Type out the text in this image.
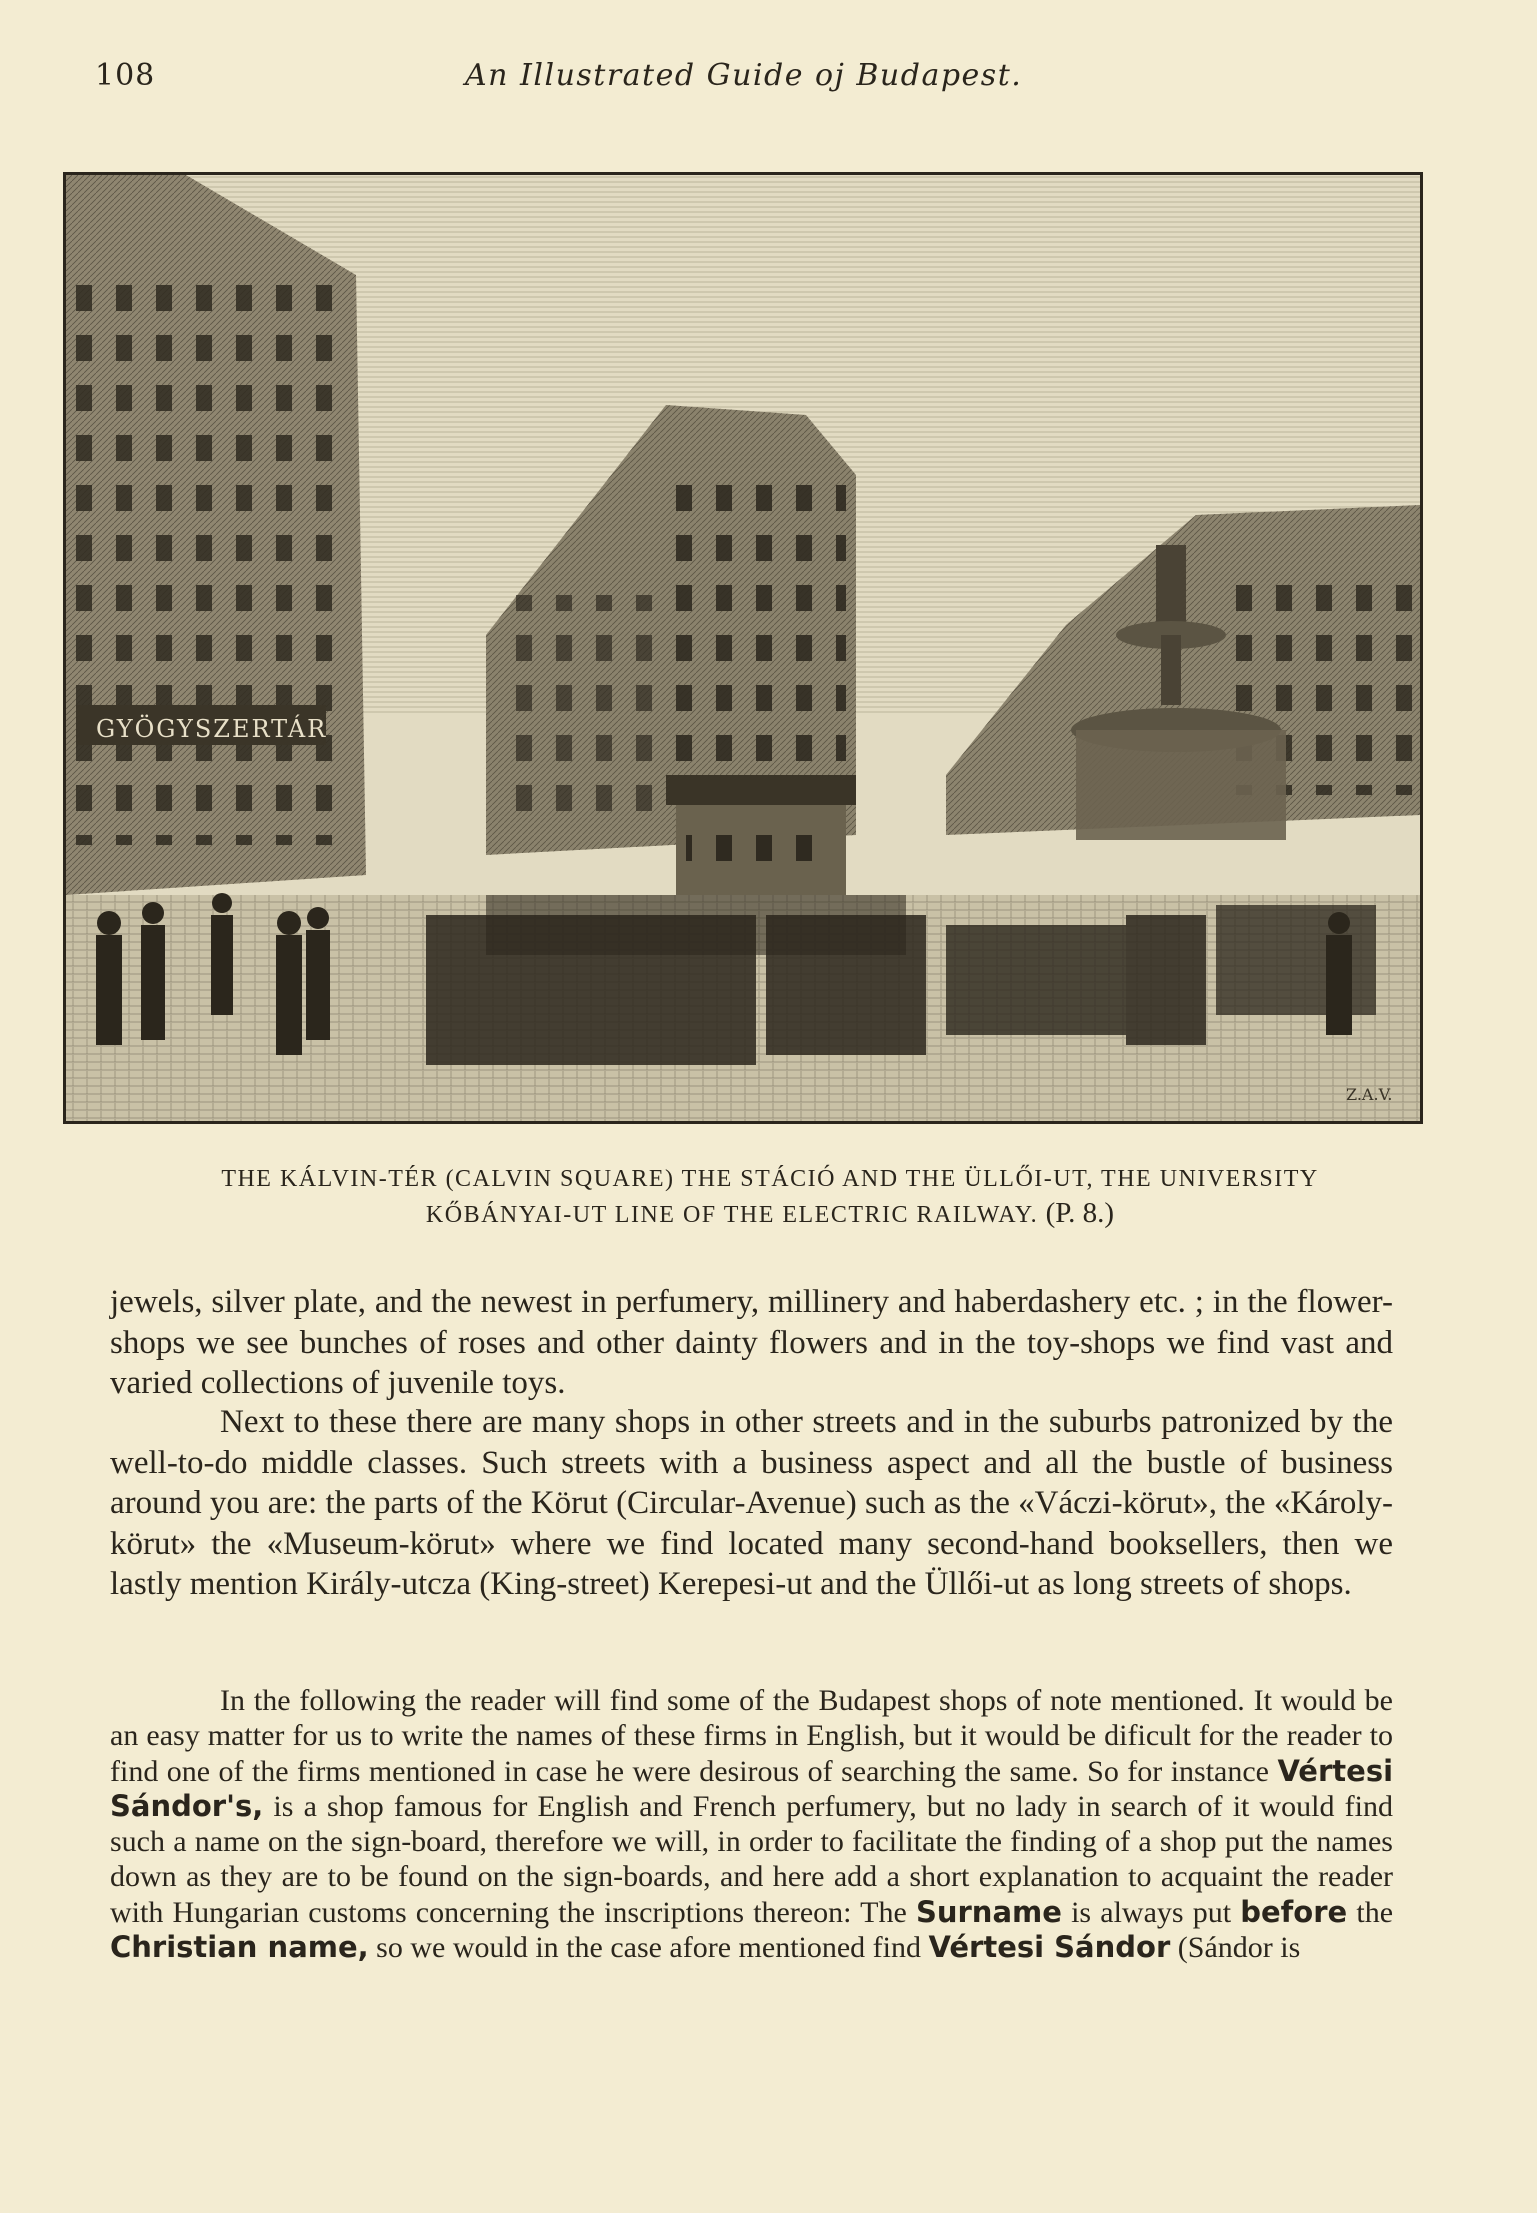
108	An Illustrated Guide oj Budapest.
GYÖGYSZERTÁR
Z.A.V.
THE KÁLVIN-TÉR (CALVIN SQUARE) THE STÁCIÓ AND THE ÜLLŐI-UT, THE UNIVERSITY
KŐBÁNYAI-UT LINE OF THE ELECTRIC RAILWAY. (P. 8.)

jewels, silver plate, and the newest in perfumery, millinery and haberdashery etc. ; in the flower-shops we see bunches of roses and other dainty flowers and in the toy-shops we find vast and varied collections of juvenile toys.

Next to these there are many shops in other streets and in the suburbs patronized by the well-to-do middle classes. Such streets with a business aspect and all the bustle of business around you are: the parts of the Körut (Circular-Avenue) such as the «Váczi-körut», the «Károly-körut» the «Museum-körut» where we find located many second-hand booksellers, then we lastly mention Király-utcza (King-street) Kerepesi-ut and the Üllői-ut as long streets of shops.

In the following the reader will find some of the Budapest shops of note mentioned. It would be an easy matter for us to write the names of these firms in English, but it would be dificult for the reader to find one of the firms mentioned in case he were desirous of searching the same. So for instance Vértesi Sándor's, is a shop famous for English and French perfumery, but no lady in search of it would find such a name on the sign-board, therefore we will, in order to facilitate the finding of a shop put the names down as they are to be found on the sign-boards, and here add a short explanation to acquaint the reader with Hungarian customs concerning the inscriptions thereon: The Surname is always put before the Christian name, so we would in the case afore mentioned find Vértesi Sándor (Sándor is
